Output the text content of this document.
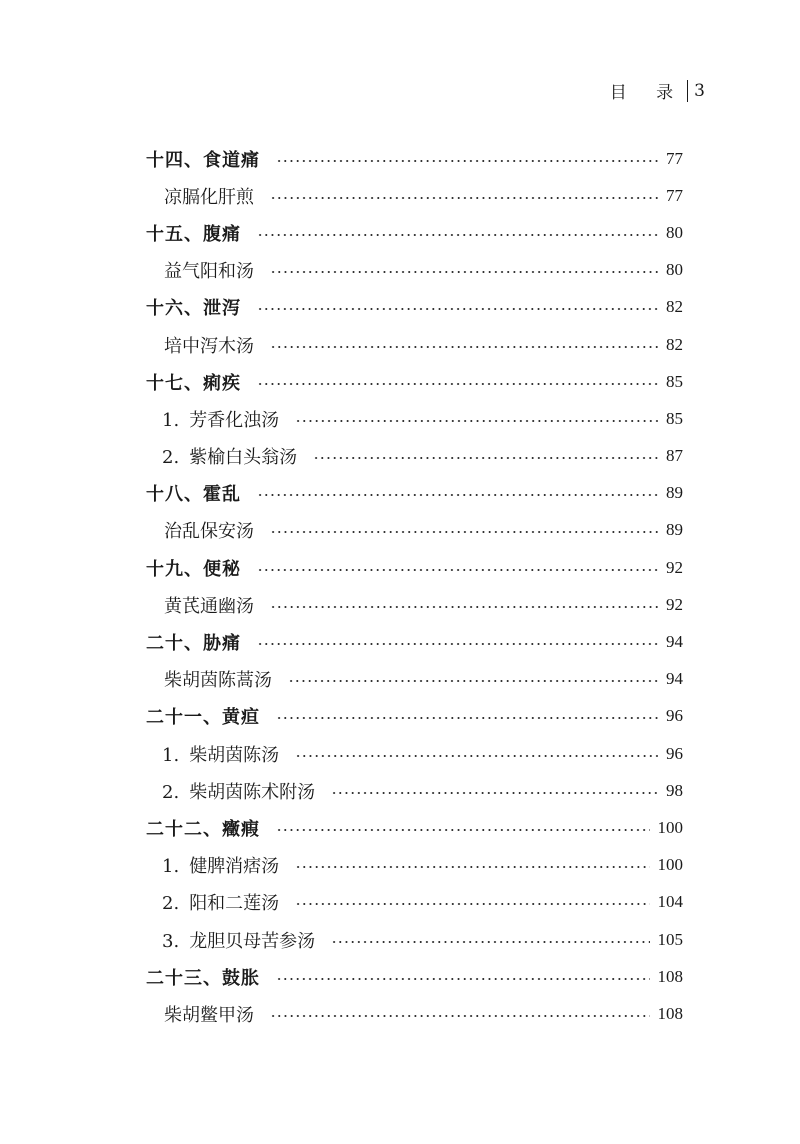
目 录 3
十四、食道痛	77
凉膈化肝煎	77
十五、腹痛	80
益气阳和汤	80
十六、泄泻	82
培中泻木汤	82
十七、痢疾	85
1. 芳香化浊汤	85
2. 紫榆白头翁汤	87
十八、霍乱	89
治乱保安汤	89
十九、便秘	92
黄芪通幽汤	92
二十、胁痛	94
柴胡茵陈蒿汤	94
二十一、黄疸	96
1. 柴胡茵陈汤	96
2. 柴胡茵陈术附汤	98
二十二、癥瘕	100
1. 健脾消痞汤	100
2. 阳和二莲汤	104
3. 龙胆贝母苦参汤	105
二十三、鼓胀	108
柴胡鳖甲汤	108
